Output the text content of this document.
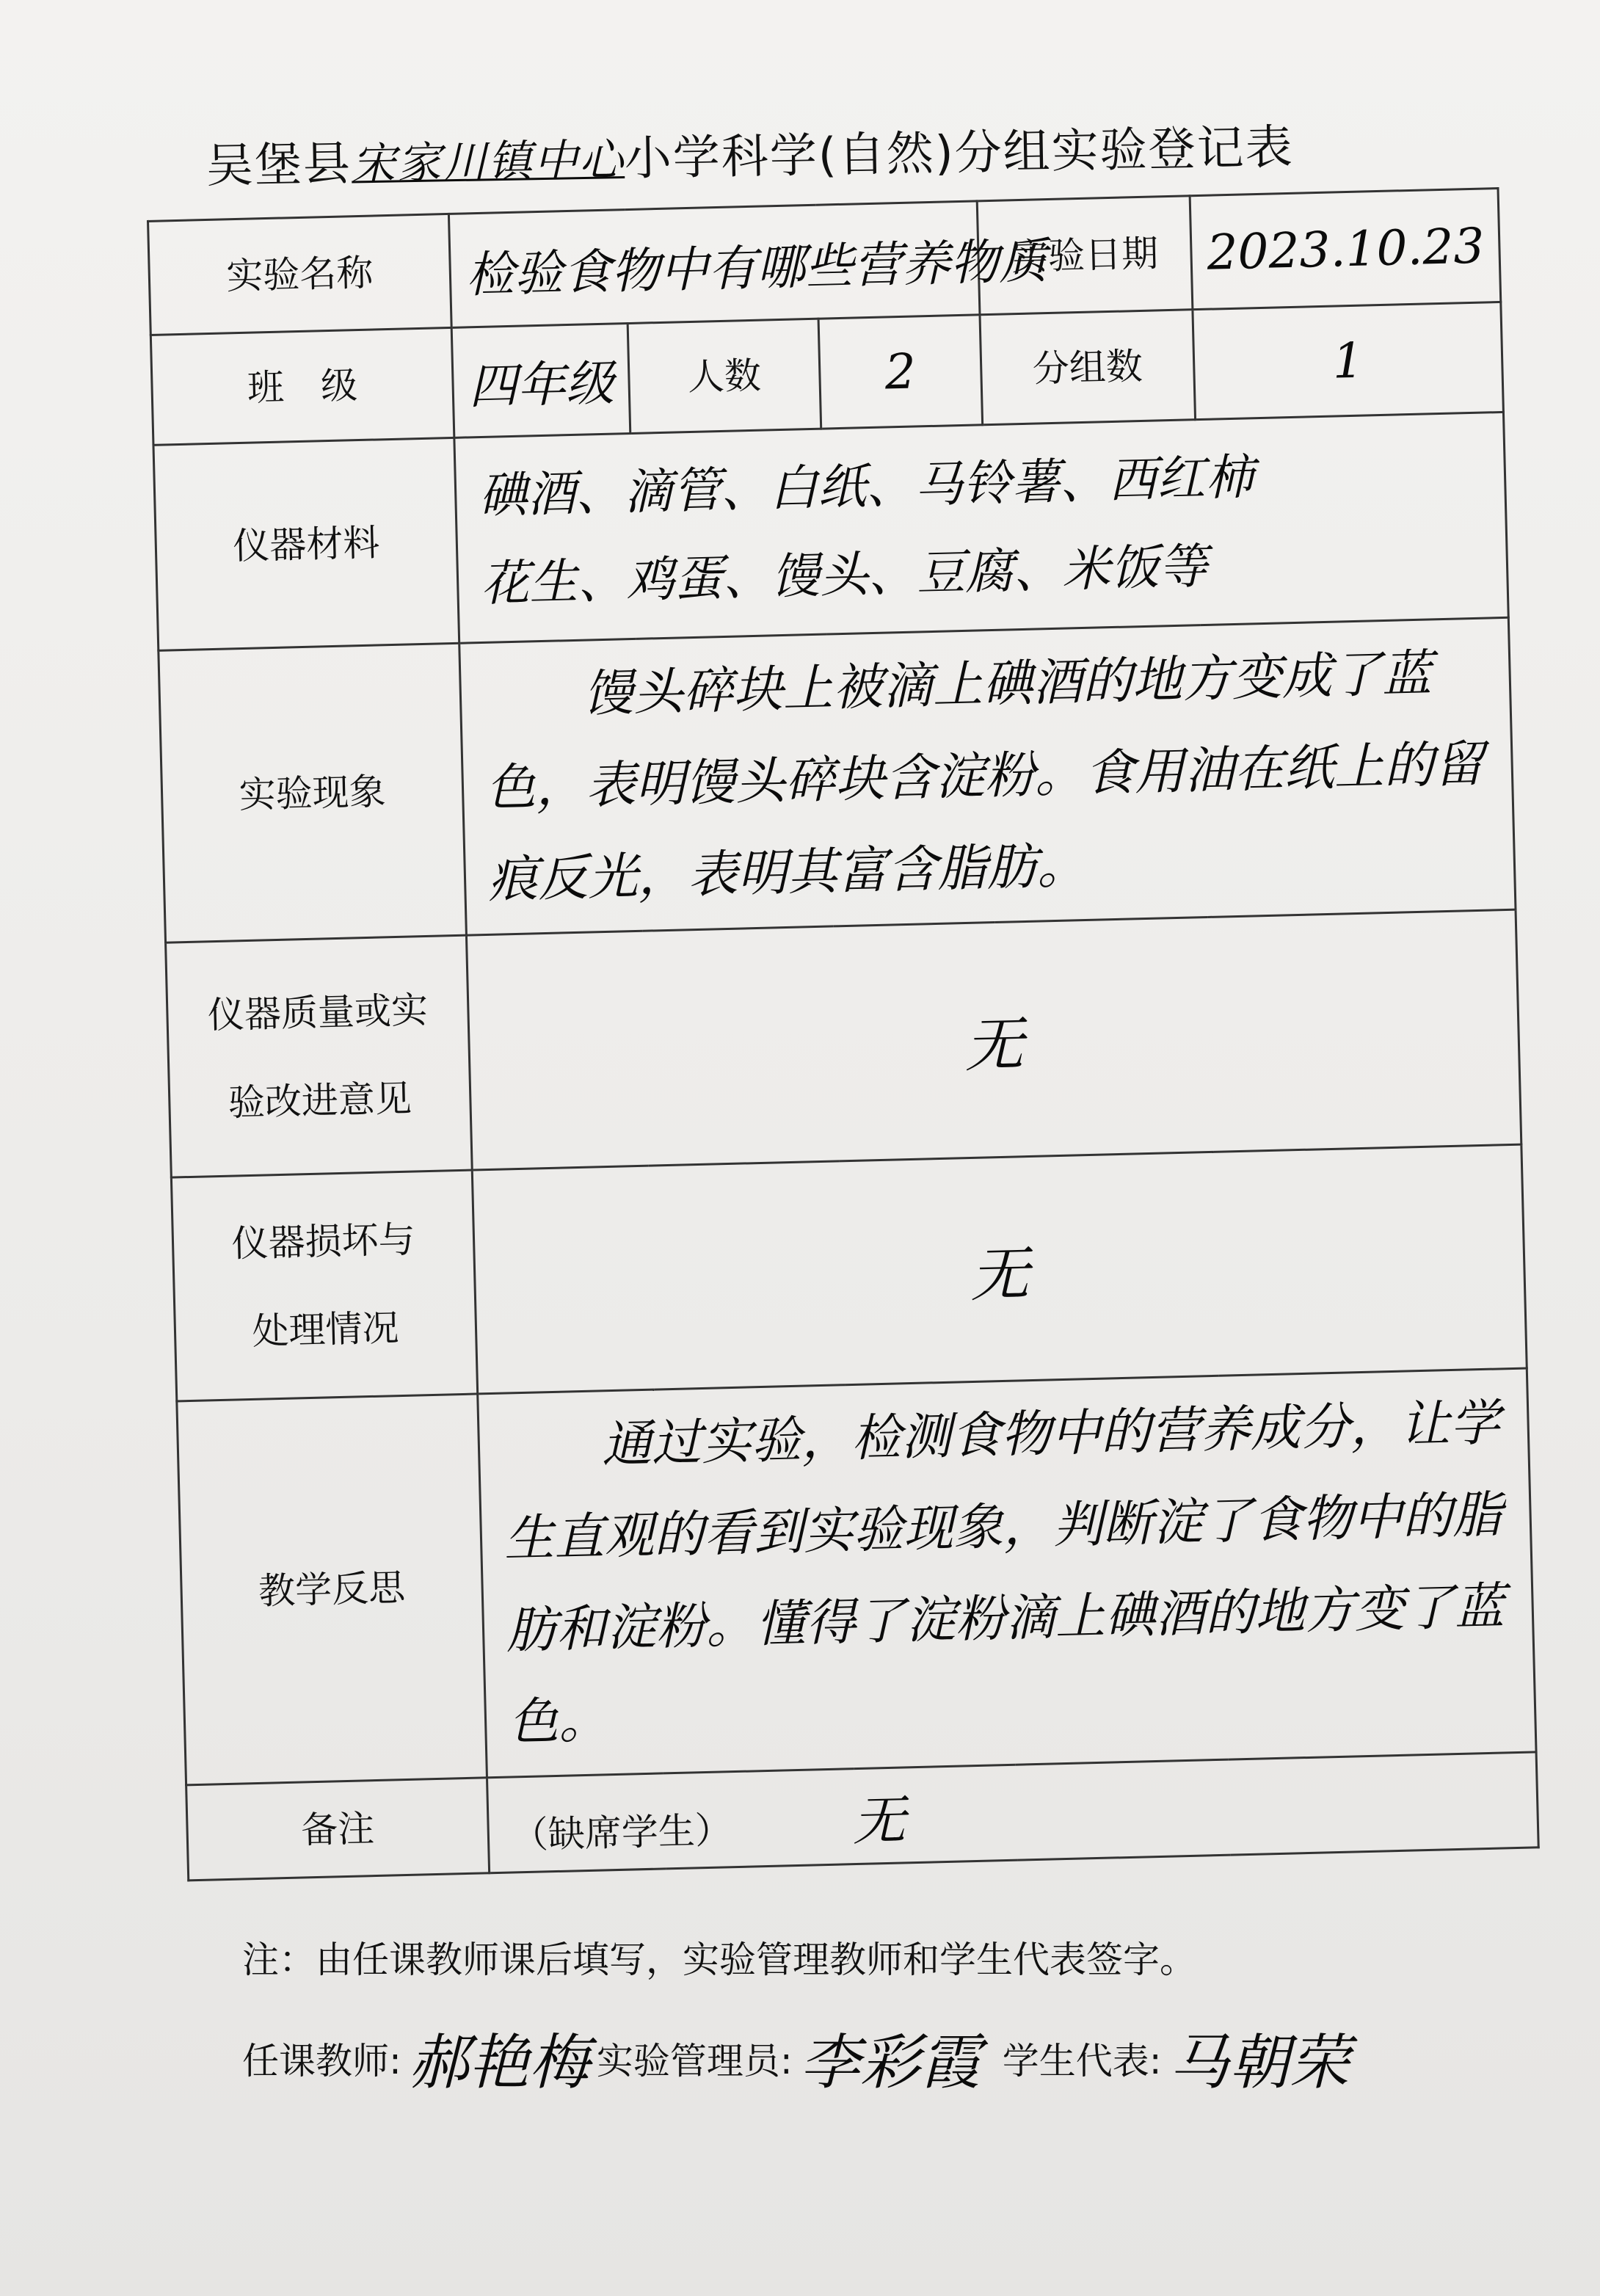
吴堡县宋家川镇中心小学科学(自然)分组实验登记表
实验名称	检验食物中有哪些营养物质			实验日期	2023.10.23
班　级	四年级	人数	2	分组数	1
仪器材料	碘酒、滴管、白纸、马铃薯、西红柿
花生、鸡蛋、馒头、豆腐、米饭等				

实验现象	　　馒头碎块上被滴上碘酒的地方变成了蓝色，表明馒头碎块含淀粉。食用油在纸上的留痕反光，表明其富含脂肪。				

仪器质量或实
验改进意见	无				

仪器损坏与
处理情况	无				
教学反思	　　通过实验，检测食物中的营养成分，让学生直观的看到实验现象，判断淀了食物中的脂肪和淀粉。懂得了淀粉滴上碘酒的地方变了蓝色。				
备注	（缺席学生） 无				
注：由任课教师课后填写，实验管理教师和学生代表签字。
任课教师: 郝艳梅 实验管理员: 李彩霞 学生代表: 马朝荣
